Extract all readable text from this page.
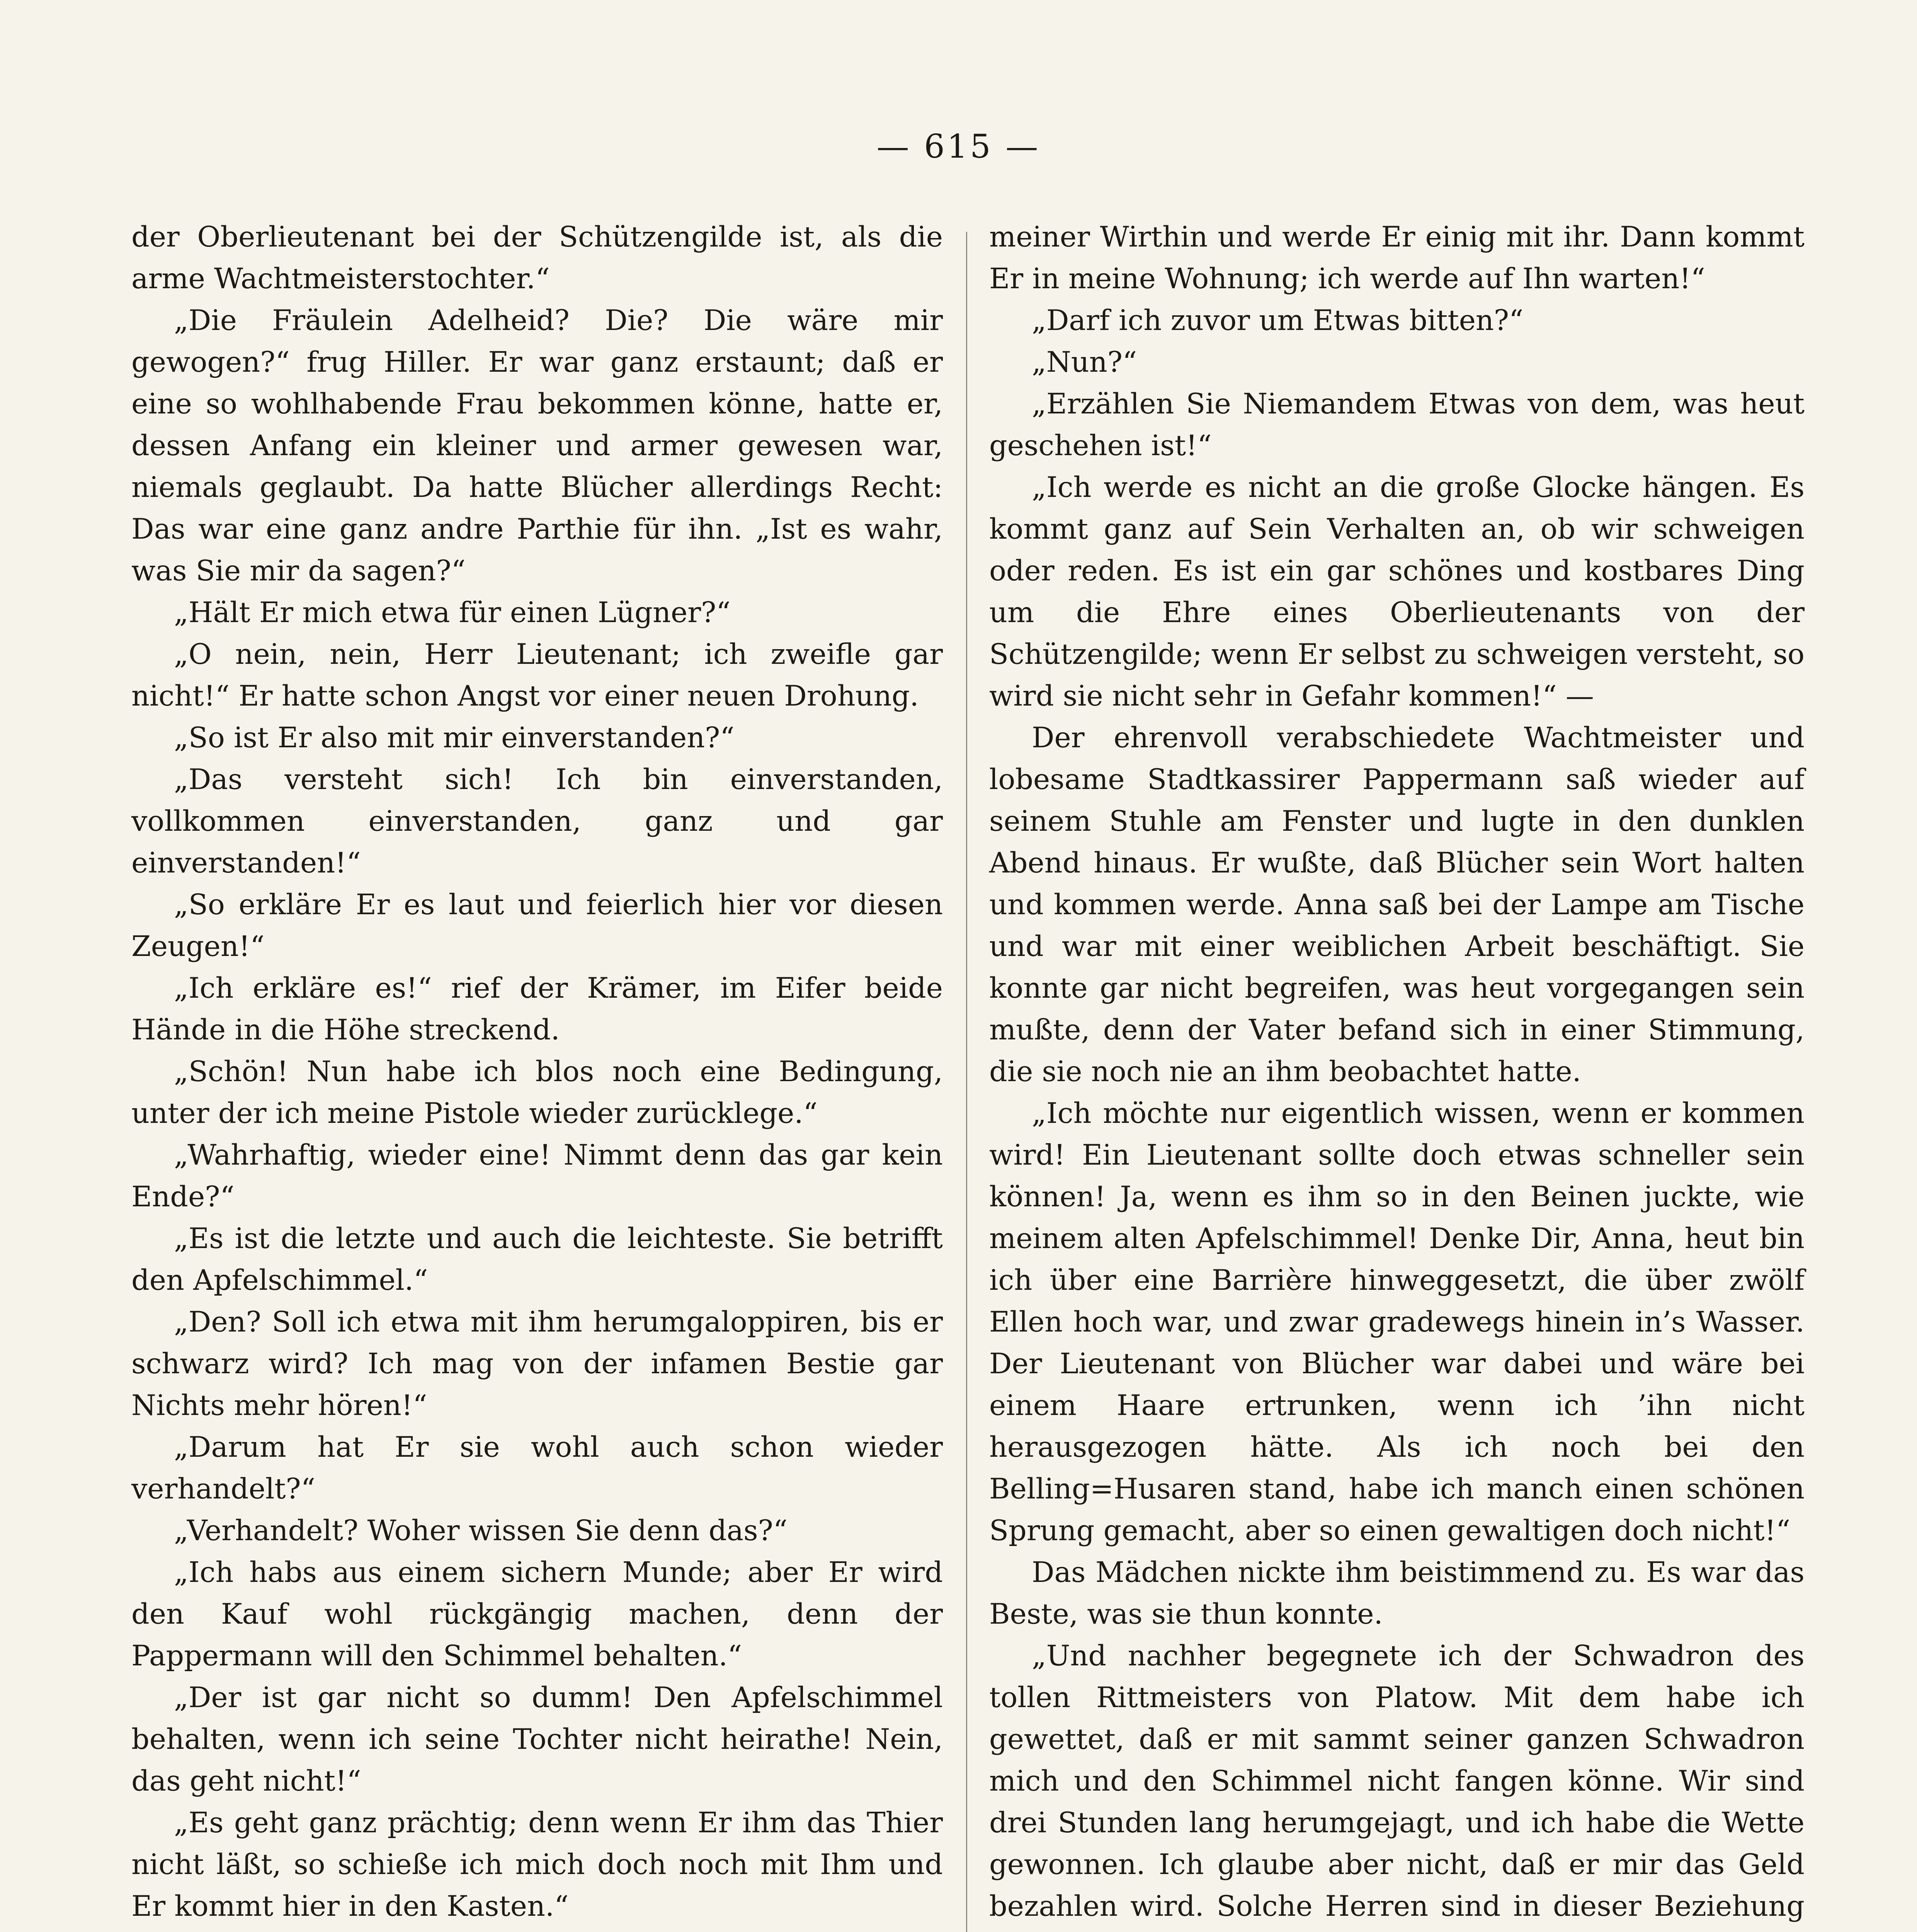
— 615 —

der Oberlieutenant bei der Schützengilde ist, als die arme Wachtmeisterstochter.“

„Die Fräulein Adelheid? Die? Die wäre mir gewogen?“ frug Hiller. Er war ganz erstaunt; daß er eine so wohlhabende Frau bekommen könne, hatte er, dessen Anfang ein kleiner und armer gewesen war, niemals geglaubt. Da hatte Blücher allerdings Recht: Das war eine ganz andre Parthie für ihn. „Ist es wahr, was Sie mir da sagen?“

„Hält Er mich etwa für einen Lügner?“

„O nein, nein, Herr Lieutenant; ich zweifle gar nicht!“ Er hatte schon Angst vor einer neuen Drohung.

„So ist Er also mit mir einverstanden?“

„Das versteht sich! Ich bin einverstanden, vollkommen einverstanden, ganz und gar einverstanden!“

„So erkläre Er es laut und feierlich hier vor diesen Zeugen!“

„Ich erkläre es!“ rief der Krämer, im Eifer beide Hände in die Höhe streckend.

„Schön! Nun habe ich blos noch eine Bedingung, unter der ich meine Pistole wieder zurücklege.“

„Wahrhaftig, wieder eine! Nimmt denn das gar kein Ende?“

„Es ist die letzte und auch die leichteste. Sie betrifft den Apfelschimmel.“

„Den? Soll ich etwa mit ihm herumgaloppiren, bis er schwarz wird? Ich mag von der infamen Bestie gar Nichts mehr hören!“

„Darum hat Er sie wohl auch schon wieder verhandelt?“

„Verhandelt? Woher wissen Sie denn das?“

„Ich habs aus einem sichern Munde; aber Er wird den Kauf wohl rückgängig machen, denn der Pappermann will den Schimmel behalten.“

„Der ist gar nicht so dumm! Den Apfelschimmel behalten, wenn ich seine Tochter nicht heirathe! Nein, das geht nicht!“

„Es geht ganz prächtig; denn wenn Er ihm das Thier nicht läßt, so schieße ich mich doch noch mit Ihm und Er kommt hier in den Kasten.“

meiner Wirthin und werde Er einig mit ihr. Dann kommt Er in meine Wohnung; ich werde auf Ihn warten!“

„Darf ich zuvor um Etwas bitten?“

„Nun?“

„Erzählen Sie Niemandem Etwas von dem, was heut geschehen ist!“

„Ich werde es nicht an die große Glocke hängen. Es kommt ganz auf Sein Verhalten an, ob wir schweigen oder reden. Es ist ein gar schönes und kostbares Ding um die Ehre eines Oberlieutenants von der Schützengilde; wenn Er selbst zu schweigen versteht, so wird sie nicht sehr in Gefahr kommen!“ —

Der ehrenvoll verabschiedete Wachtmeister und lobesame Stadtkassirer Pappermann saß wieder auf seinem Stuhle am Fenster und lugte in den dunklen Abend hinaus. Er wußte, daß Blücher sein Wort halten und kommen werde. Anna saß bei der Lampe am Tische und war mit einer weiblichen Arbeit beschäftigt. Sie konnte gar nicht begreifen, was heut vorgegangen sein mußte, denn der Vater befand sich in einer Stimmung, die sie noch nie an ihm beobachtet hatte.

„Ich möchte nur eigentlich wissen, wenn er kommen wird! Ein Lieutenant sollte doch etwas schneller sein können! Ja, wenn es ihm so in den Beinen juckte, wie meinem alten Apfelschimmel! Denke Dir, Anna, heut bin ich über eine Barrière hinweggesetzt, die über zwölf Ellen hoch war, und zwar gradewegs hinein in’s Wasser. Der Lieutenant von Blücher war dabei und wäre bei einem Haare ertrunken, wenn ich ’ihn nicht herausgezogen hätte. Als ich noch bei den Belling=Husaren stand, habe ich manch einen schönen Sprung gemacht, aber so einen gewaltigen doch nicht!“

Das Mädchen nickte ihm beistimmend zu. Es war das Beste, was sie thun konnte.

„Und nachher begegnete ich der Schwadron des tollen Rittmeisters von Platow. Mit dem habe ich gewettet, daß er mit sammt seiner ganzen Schwadron mich und den Schimmel nicht fangen könne. Wir sind drei Stunden lang herumgejagt, und ich habe die Wette gewonnen. Ich glaube aber nicht, daß er mir das Geld bezahlen wird. Solche Herren sind in dieser Beziehung
